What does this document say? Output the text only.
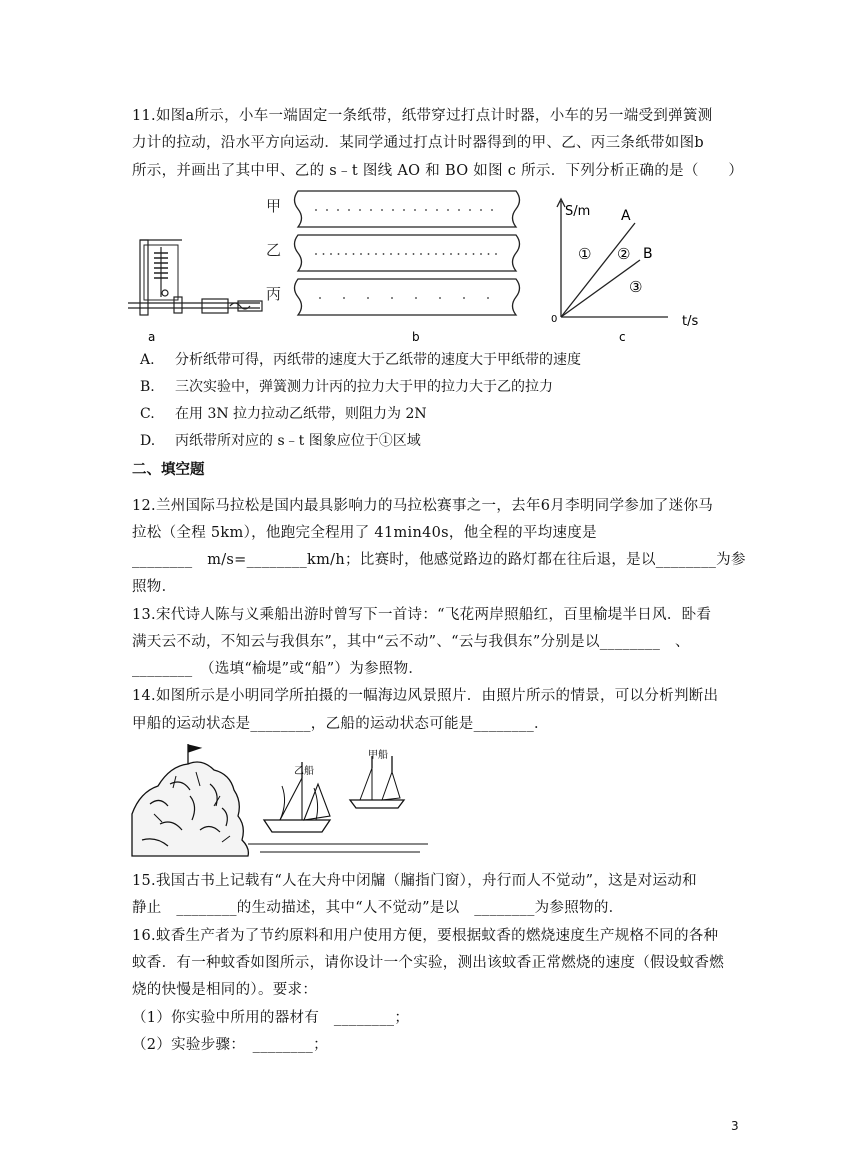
11.如图a所示，小车一端固定一条纸带，纸带穿过打点计时器，小车的另一端受到弹簧测
力计的拉动，沿水平方向运动．某同学通过打点计时器得到的甲、乙、丙三条纸带如图b
所示，并画出了其中甲、乙的 s﹣t 图线 AO 和 BO 如图 c 所示．下列分析正确的是（　　）
a
甲
乙
丙
b
S/m
t/s
0
A
B
① ②
③
c
A. 分析纸带可得，丙纸带的速度大于乙纸带的速度大于甲纸带的速度
B. 三次实验中，弹簧测力计丙的拉力大于甲的拉力大于乙的拉力
C. 在用 3N 拉力拉动乙纸带，则阻力为 2N
D. 丙纸带所对应的 s﹣t 图象应位于①区域
二、填空题
12.兰州国际马拉松是国内最具影响力的马拉松赛事之一，去年6月李明同学参加了迷你马
拉松（全程 5km），他跑完全程用了 41min40s，他全程的平均速度是
________　m/s=________km/h；比赛时，他感觉路边的路灯都在往后退，是以________为参
照物．
13.宋代诗人陈与义乘船出游时曾写下一首诗：“飞花两岸照船红，百里榆堤半日风．卧看
满天云不动，不知云与我俱东”，其中“云不动”、“云与我俱东”分别是以________　、
________　（选填“榆堤”或“船”）为参照物．
14.如图所示是小明同学所拍摄的一幅海边风景照片．由照片所示的情景，可以分析判断出
甲船的运动状态是________，乙船的运动状态可能是________．
乙船
甲船
15.我国古书上记载有“人在大舟中闭牖（牖指门窗），舟行而人不觉动”，这是对运动和
静止　________的生动描述，其中“人不觉动”是以　________为参照物的．
16.蚊香生产者为了节约原料和用户使用方便，要根据蚊香的燃烧速度生产规格不同的各种
蚊香．有一种蚊香如图所示，请你设计一个实验，测出该蚊香正常燃烧的速度（假设蚊香燃
烧的快慢是相同的）。要求：
（1）你实验中所用的器材有　________；
（2）实验步骤：　________；
3
